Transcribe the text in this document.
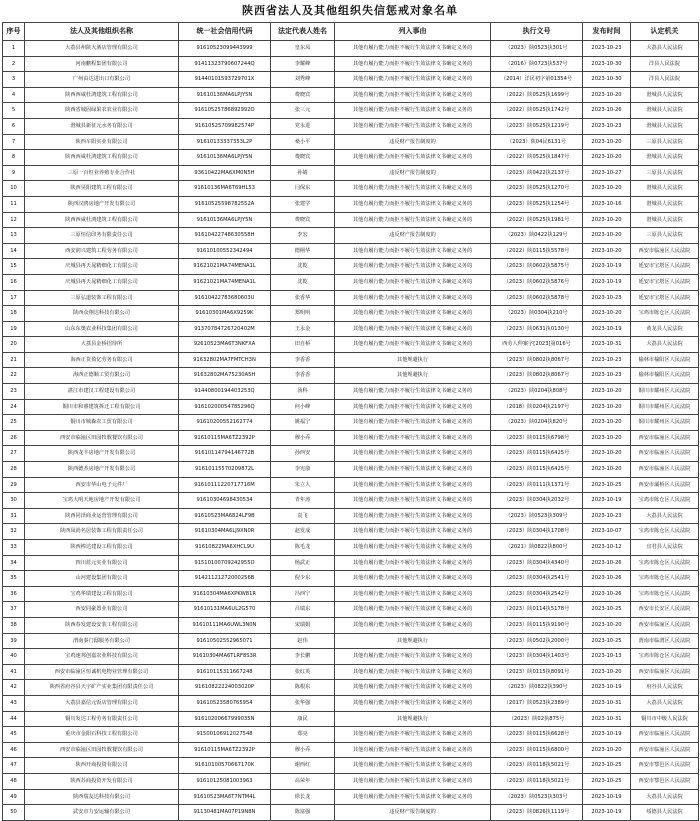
陕西省法人及其他组织失信惩戒对象名单
序号	法人及其他组织名称	统一社会信用代码	法定代表人姓名	列入事由	执行文号	发布时间	认定机关
1	大荔县州陕大酒店管理有限公司	91610523099443999	皇东凤	其他有履行能力而拒不履行生效法律文书确定义务的	（2023）陕0523执301号	2023-10-23	大荔县人民法院
2	河南鹏程集团有限公司	91411323790607244Q	李耀峰	其他有履行能力而拒不履行生效法律文书确定义务的	（2016）陕0723执537号	2023-10-30	洋县人民法院
3	广州由达进出口有限公司	91440101593729701X	刘秀峰	其他有履行能力而拒不履行生效法律文书确定义务的	（2014）洋民初字第01354号	2023-10-30	洋县人民法院
4	陕西西咸杜鸿建筑工程有限公司	91610136MA6LPJY5N	费晓宾	其他有履行能力而拒不履行生效法律文书确定义务的	（2022）陕0525执1699号	2023-10-20	澄城县人民法院
5	陕西省城固绿果农农业有限公司	91610525786892992O	张三元	其他有履行能力而拒不履行生效法律文书确定义务的	（2022）陕0525执1742号	2023-10-26	澄城县人民法院
6	澄城县新征元水务有限公司	91610525709982574P	党永进	其他有履行能力而拒不履行生效法律文书确定义务的	（2023）陕0525执1219号	2023-10-23	澄城县人民法院
7	陕西车阳实业有限公司	91610133337353L2P	桑小平	违反财产报告制度的	（2023）陕04民6131号	2023-10-20	三原县人民法院
8	陕西西咸杜鸿建筑工程有限公司	91610136MA6LPJY5N	费晓宾	其他有履行能力而拒不履行生效法律文书确定义务的	（2022）陕0525执1847号	2023-10-20	澄城县人民法院
9	三原一百恒业养殖专业合作社	93610422MA6XM0N5H	孙婧	违反财产报告制度的	（2023）陕0422执2137号	2023-10-27	三原县人民法院
10	陕西昊阳建筑工程有限公司	91610136MA6T69HL53	闫保东	其他有履行能力而拒不履行生效法律文书确定义务的	（2023）陕0525执1270号	2023-10-20	澄城县人民法院
11	陕西汉鸥房地产开发有限公司	91610525598782552A	张建学	其他有履行能力而拒不履行生效法律文书确定义务的	（2023）陕0525执1254号	2023-10-16	澄城县人民法院
12	陕西西咸杜鸿建筑工程有限公司	91610136MA6LPJY5N	费晓宾	其他有履行能力而拒不履行生效法律文书确定义务的	（2022）陕0525执1981号	2023-10-20	澄城县人民法院
13	三原恒信印务有限责任公司	91610422748630558H	李宏	违反财产报告制度的	（2023）陕0422执129号	2023-10-20	三原县人民法院
14	西安润兴建筑工程劳务有限公司	91610100552342494	德栩华	其他有履行能力而拒不履行生效法律文书确定义务的	（2022）陕0115执5578号	2023-10-20	西安市临潼区人民法院
15	庆城县再天晁精细化工有限公司	91621021MA74MENA1L	沈乾	其他有履行能力而拒不履行生效法律文书确定义务的	（2023）陕0602执5875号	2023-10-19	延安市宝塔区人民法院
16	庆城县再天晁精细化工有限公司	91621021MA74MENA1L	沈乾	其他有履行能力而拒不履行生效法律文书确定义务的	（2023）陕0602执5876号	2023-10-19	延安市宝塔区人民法院
17	三原弘道装饰工程有限公司	91610422783680603U	张香华	其他有履行能力而拒不履行生效法律文书确定义务的	（2023）陕0602执5878号	2023-10-23	延安市宝塔区人民法院
18	陕西众翔达科技有限公司	91610301MA6X9259K	郑明明	其他有履行能力而拒不履行生效法律文书确定义务的	（2023）陕0304执210号	2023-10-20	宝鸡市陈仓区人民法院
19	山东东奥农业科技集团有限公司	91370784726720402M	王永金	其他有履行能力而拒不履行生效法律文书确定义务的	（2023）陕0631执0130号	2023-10-19	黄龙县人民法院
20	大荔县金桥招待所	92610523MA6T3NKFXA	田自桥	其他有履行能力而拒不履行生效法律文书确定义务的	西劳人仲案字[2023]第016号	2023-10-31	大荔县人民法院
21	海西正货盈亿劳务有限公司	91632802MA7FMTCH3N	李香香	其他规避执行	（2023）陕0802执8067号	2023-10-23	榆林市榆阳区人民法院
22	海西正德顺工贸有限公司	91632802MA75230A5H	李香香	其他规避执行	（2023）陕0802执8067号	2023-10-23	榆林市榆阳区人民法院
23	湛江市建汉工程建设有限公司	91440800194403253Q	汤科	其他有履行能力而拒不履行生效法律文书确定义务的	（2023）陕0204执808号	2023-10-20	铜川市耀州区人民法院
24	铜川市和睿建筑拆迁工程有限公司	91610200054785296Q	何小峰	其他有履行能力而拒不履行生效法律文书确定义务的	（2018）陕0204执2197号	2023-10-20	铜川市耀州区人民法院
25	铜川市城森农工贸有限公司	91610200552162774	姚福宁	其他有履行能力而拒不履行生效法律文书确定义务的	（2023）陕0204执820号	2023-10-20	铜川市耀州区人民法院
26	西安市临潼区田园牧歌餐饮有限公司	91610115MA6TZ2392P	穆小乔	其他有履行能力而拒不履行生效法律文书确定义务的	（2023）陕0115执6798号	2023-10-20	西安市临潼区人民法院
27	陕西龙丰房地产开发有限公司	91610114794146772B	孙西安	其他有履行能力而拒不履行生效法律文书确定义务的	（2023）陕0115执6425号	2023-10-20	西安市临潼区人民法院
28	陕西德杰房地产开发有限公司	91610115570209872L	李宪康	其他有履行能力而拒不履行生效法律文书确定义务的	（2023）陕0115执6425号	2023-10-20	西安市临潼区人民法院
29	西安市华山电子元件厂	91610111220717716M	朱立人	其他有履行能力而拒不履行生效法律文书确定义务的	（2023）陕0111执1371号	2023-10-25	西安市灞桥区人民法院
30	宝鸡大明天地房地产开发有限公司	91610304698430534	青年涛	其他有履行能力而拒不履行生效法律文书确定义务的	（2023）陕0304执2032号	2023-10-19	宝鸡市陈仓区人民法院
31	陕西同泽商业运营管理有限公司	91610523MA6824LF9B	袁飞	其他有履行能力而拒不履行生效法律文书确定义务的	（2023）陕0523执309号	2023-10-23	大荔县人民法院
32	陕西凤尚名居装饰工程有限责任公司	91610304MA6LJ9XN0R	赵发成	其他有履行能力而拒不履行生效法律文书确定义务的	（2023）陕0304执1708号	2023-10-07	宝鸡市陈仓区人民法院
33	陕西棒达建设工程有限公司	91610822MA6XHCL9U	陈毛龙	其他有履行能力而拒不履行生效法律文书确定义务的	（2021）陕0822执800号	2023-10-12	宜君县人民法院
34	四川蓝元实业有限公司	91510100709242955O	杨武正	其他有履行能力而拒不履行生效法律文书确定义务的	（2023）陕0304执4340号	2023-10-26	宝鸡市陈仓区人民法院
35	山河建设集团有限公司	91421121272000256B	倪少东	其他有履行能力而拒不履行生效法律文书确定义务的	（2023）陕0304执2541号	2023-10-26	宝鸡市陈仓区人民法院
36	宝鸡华瑞建设工程有限公司	91610304MA6XPKW81R	冯西宁	其他有履行能力而拒不履行生效法律文书确定义务的	（2023）陕0304执2542号	2023-10-26	宝鸡市陈仓区人民法院
37	西安同豪置业有限公司	91610131MA6UL2G570	吕瑞东	其他有履行能力而拒不履行生效法律文书确定义务的	（2023）陕0114执5178号	2023-10-25	西安市长安区人民法院
38	陕西春发建设安装工程有限公司	91610111MA6UWL3N0N	宋瑞娟	其他有履行能力而拒不履行生效法律文书确定义务的	（2023）陕0115执9190号	2023-10-20	西安市临潼区人民法院
39	渭南秦门邸服务有限公司	91610502552965071	赵伟	其他规避执行	（2023）陕0502执2000号	2023-10-25	渭南市临渭区人民法院
40	宝鸡速邦创嘉农业科技有限公司	91610304MA6TLRF8S3R	李长鹏	其他有履行能力而拒不履行生效法律文书确定义务的	（2023）陕0304执1403号	2023-10-13	宝鸡市陈仓区人民法院
41	西安市临潼区恒诚机电物业管理有限公司	91610115311667248	张红英	其他有履行能力而拒不履行生效法律文书确定义务的	（2023）陕0115执8091号	2023-10-20	西安市临潼区人民法院
42	陕西省府谷县天宇矿产实业集团有限责任公司	91610822224003020P	陈根东	其他有履行能力而拒不履行生效法律文书确定义务的	（2023）陕0822执390号	2023-10-19	府谷县人民法院
43	大荔县嘉信元饭店管理有限公司	91610523580765954	张华强	其他有履行能力而拒不履行生效法律文书确定义务的	（2017）陕0523执2389号	2023-10-31	大荔县人民法院
44	铜川发达工程劳务有限责任公司	91610200667999035N	康民	其他规避执行	（2023）陕02执875号	2023-10-31	铜川市中级人民法院
45	重庆市金阳石科技工程有限公司	91500106912027548	郑亮	其他有履行能力而拒不履行生效法律文书确定义务的	（2023）陕0115执6628号	2023-10-19	西安市临潼区人民法院
46	西安市临潼区田园牧歌餐饮有限公司	91610115MA6TZ2392P	穆小乔	其他有履行能力而拒不履行生效法律文书确定义务的	（2023）陕0115执6800号	2023-10-20	西安市临潼区人民法院
47	陕西开商投资有限公司	91610100570667170K	谢西红	其他有履行能力而拒不履行生效法律文书确定义务的	（2023）陕0118执5021号	2023-10-25	西安市鄠邑区人民法院
48	陕西苏商投资开发有限公司	91610125081003963	高荣年	其他有履行能力而拒不履行生效法律文书确定义务的	（2023）陕0118执5021号	2023-10-25	西安市鄠邑区人民法院
49	陕西瑞友达科技有限公司	91610523MA6T7NTM4L	徐长龙	其他有履行能力而拒不履行生效法律文书确定义务的	（2023）陕0523执303号	2023-10-19	大荔县人民法院
50	武安市力安运输有限公司	91130481MA07P19N8N	陈富强	违反财产报告制度的	（2023）陕0826执1119号	2023-10-19	绥德县人民法院
